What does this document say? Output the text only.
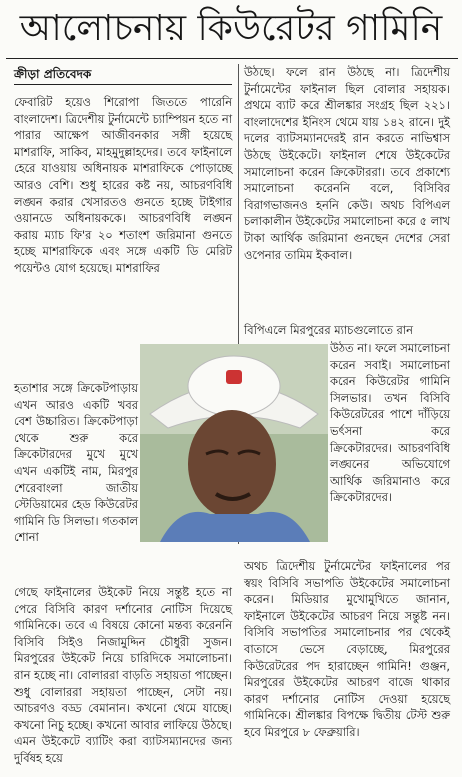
আলোচনায় কিউরেটর গামিনি
ক্রীড়া প্রতিবেদক

ফেবারিট হয়েও শিরোপা জিততে পারেনি বাংলাদেশ। ত্রিদেশীয় টুর্নামেন্টে চ্যাম্পিয়ন হতে না পারার আক্ষেপ আজীবনকার সঙ্গী হয়েছে মাশরাফি, সাকিব, মাহমুদুল্লাহদের। তবে ফাইনালে হেরে যাওয়ায় অধিনায়ক মাশরাফিকে পোড়াচ্ছে আরও বেশি। শুধু হারের কষ্ট নয়, আচরণবিধি লঙ্ঘন করার খেসারতও গুনতে হচ্ছে টাইগার ওয়ানডে অধিনায়ককে। আচরণবিধি লঙ্ঘন করায় ম্যাচ ফি'র ২০ শতাংশ জরিমানা গুনতে হচ্ছে মাশরাফিকে এবং সঙ্গে একটি ডি মেরিট পয়েন্টও যোগ হয়েছে। মাশরাফির

হতাশার সঙ্গে ক্রিকেটপাড়ায় এখন আরও একটি খবর বেশ উচ্চারিত। ক্রিকেটপাড়া থেকে শুরু করে ক্রিকেটারদের মুখে মুখে এখন একটিই নাম, মিরপুর শেরেবাংলা জাতীয় স্টেডিয়ামের হেড কিউরেটর গামিনি ডি সিলভা। গতকাল শোনা

উঠছে। ফলে রান উঠছে না। ত্রিদেশীয় টুর্নামেন্টের ফাইনাল ছিল বোলার সহায়ক। প্রথমে ব্যাট করে শ্রীলঙ্কার সংগ্রহ ছিল ২২১। বাংলাদেশের ইনিংস থেমে যায় ১৪২ রানে। দুই দলের ব্যাটসম্যানদেরই রান করতে নাভিশ্বাস উঠছে উইকেটে। ফাইনাল শেষে উইকেটের সমালোচনা করেন ক্রিকেটাররা। তবে প্রকাশ্যে সমালোচনা করেননি বলে, বিসিবির বিরাগভাজনও হননি কেউ। অথচ বিপিএল চলাকালীন উইকেটের সমালোচনা করে ৫ লাখ টাকা আর্থিক জরিমানা গুনছেন দেশের সেরা ওপেনার তামিম ইকবাল।

বিপিএলে মিরপুরের ম্যাচগুলোতে রান

উঠত না। ফলে সমালোচনা করেন সবাই। সমালোচনা করেন কিউরেটর গামিনি সিলভার। তখন বিসিবি কিউরেটরের পাশে দাঁড়িয়ে ভর্ৎসনা করে ক্রিকেটারদের। আচরণবিধি লঙ্ঘনের অভিযোগে আর্থিক জরিমানাও করে ক্রিকেটারদের।

গেছে ফাইনালের উইকেট নিয়ে সন্তুষ্ট হতে না পেরে বিসিবি কারণ দর্শানোর নোটিস দিয়েছে গামিনিকে। তবে এ বিষয়ে কোনো মন্তব্য করেননি বিসিবি সিইও নিজামুদ্দিন চৌধুরী সুজন। মিরপুরের উইকেট নিয়ে চারিদিকে সমালোচনা। রান হচ্ছে না। বোলাররা বাড়তি সহায়তা পাচ্ছেন। শুধু বোলাররা সহায়তা পাচ্ছেন, সেটা নয়। আচরণও বড্ড বেমানান। কখনো থেমে যাচ্ছে। কখনো নিচু হচ্ছে। কখনো আবার লাফিয়ে উঠছে। এমন উইকেটে ব্যাটিং করা ব্যাটসম্যানদের জন্য দুর্বিষহ হয়ে

অথচ ত্রিদেশীয় টুর্নামেন্টের ফাইনালের পর স্বয়ং বিসিবি সভাপতি উইকেটের সমালোচনা করেন। মিডিয়ার মুখোমুখিতে জানান, ফাইনালে উইকেটের আচরণ নিয়ে সন্তুষ্ট নন। বিসিবি সভাপতির সমালোচনার পর থেকেই বাতাসে ভেসে বেড়াচ্ছে, মিরপুরের কিউরেটরের পদ হারাচ্ছেন গামিনি! গুঞ্জন, মিরপুরের উইকেটের আচরণ বাজে থাকার কারণ দর্শানোর নোটিস দেওয়া হয়েছে গামিনিকে। শ্রীলঙ্কার বিপক্ষে দ্বিতীয় টেস্ট শুরু হবে মিরপুরে ৮ ফেব্রুয়ারি।
